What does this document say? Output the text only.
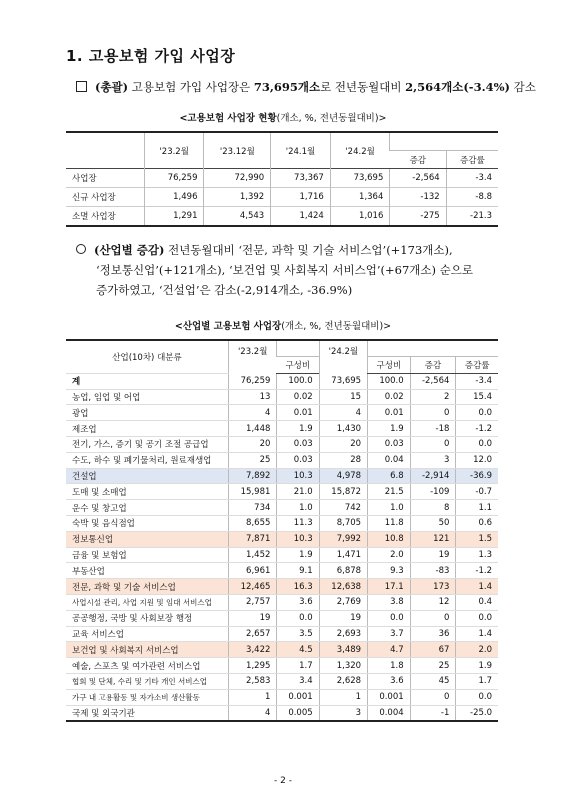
1. 고용보험 가입 사업장
(총괄) 고용보험 가입 사업장은 73,695개소로 전년동월대비 2,564개소(-3.4%) 감소
<고용보험 사업장 현황(개소, %, 전년동월대비)>
	'23.2월	'23.12월	'24.1월	'24.2월		
					증감	증감률
사업장	76,259	72,990	73,367	73,695	-2,564	-3.4
신규 사업장	1,496	1,392	1,716	1,364	-132	-8.8
소멸 사업장	1,291	4,543	1,424	1,016	-275	-21.3
(산업별 증감) 전년동월대비 ‘전문, 과학 및 기술 서비스업’(+173개소),
‘정보통신업’(+121개소), ‘보건업 및 사회복지 서비스업’(+67개소) 순으로
증가하였고, ‘건설업’은 감소(-2,914개소, -36.9%)
<산업별 고용보험 사업장(개소, %, 전년동월대비)>
산업(10차) 대분류	'23.2월		'24.2월			
		구성비		구성비	증감	증감률
계	76,259	100.0	73,695	100.0	-2,564	-3.4
농업, 임업 및 어업	13	0.02	15	0.02	2	15.4
광업	4	0.01	4	0.01	0	0.0
제조업	1,448	1.9	1,430	1.9	-18	-1.2
전기, 가스, 증기 및 공기 조절 공급업	20	0.03	20	0.03	0	0.0
수도, 하수 및 폐기물처리, 원료재생업	25	0.03	28	0.04	3	12.0
건설업	7,892	10.3	4,978	6.8	-2,914	-36.9
도매 및 소매업	15,981	21.0	15,872	21.5	-109	-0.7
운수 및 창고업	734	1.0	742	1.0	8	1.1
숙박 및 음식점업	8,655	11.3	8,705	11.8	50	0.6
정보통신업	7,871	10.3	7,992	10.8	121	1.5
금융 및 보험업	1,452	1.9	1,471	2.0	19	1.3
부동산업	6,961	9.1	6,878	9.3	-83	-1.2
전문, 과학 및 기술 서비스업	12,465	16.3	12,638	17.1	173	1.4
사업시설 관리, 사업 지원 및 임대 서비스업	2,757	3.6	2,769	3.8	12	0.4
공공행정, 국방 및 사회보장 행정	19	0.0	19	0.0	0	0.0
교육 서비스업	2,657	3.5	2,693	3.7	36	1.4
보건업 및 사회복지 서비스업	3,422	4.5	3,489	4.7	67	2.0
예술, 스포츠 및 여가관련 서비스업	1,295	1.7	1,320	1.8	25	1.9
협회 및 단체, 수리 및 기타 개인 서비스업	2,583	3.4	2,628	3.6	45	1.7
가구 내 고용활동 및 자가소비 생산활동	1	0.001	1	0.001	0	0.0
국제 및 외국기관	4	0.005	3	0.004	-1	-25.0
- 2 -
